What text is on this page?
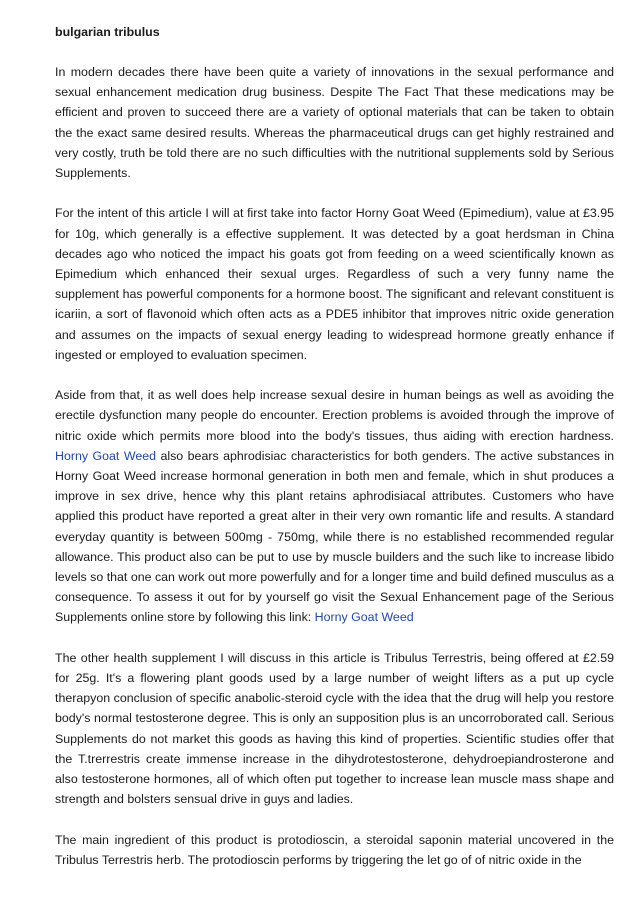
bulgarian tribulus

In modern decades there have been quite a variety of innovations in the sexual performance and sexual enhancement medication drug business. Despite The Fact That these medications may be efficient and proven to succeed there are a variety of optional materials that can be taken to obtain the the exact same desired results. Whereas the pharmaceutical drugs can get highly restrained and very costly, truth be told there are no such difficulties with the nutritional supplements sold by Serious Supplements.

For the intent of this article I will at first take into factor Horny Goat Weed (Epimedium), value at £3.95 for 10g, which generally is a effective supplement. It was detected by a goat herdsman in China decades ago who noticed the impact his goats got from feeding on a weed scientifically known as Epimedium which enhanced their sexual urges. Regardless of such a very funny name the supplement has powerful components for a hormone boost. The significant and relevant constituent is icariin, a sort of flavonoid which often acts as a PDE5 inhibitor that improves nitric oxide generation and assumes on the impacts of sexual energy leading to widespread hormone greatly enhance if ingested or employed to evaluation specimen.

Aside from that, it as well does help increase sexual desire in human beings as well as avoiding the erectile dysfunction many people do encounter. Erection problems is avoided through the improve of nitric oxide which permits more blood into the body's tissues, thus aiding with erection hardness. Horny Goat Weed also bears aphrodisiac characteristics for both genders. The active substances in Horny Goat Weed increase hormonal generation in both men and female, which in shut produces a improve in sex drive, hence why this plant retains aphrodisiacal attributes. Customers who have applied this product have reported a great alter in their very own romantic life and results. A standard everyday quantity is between 500mg - 750mg, while there is no established recommended regular allowance. This product also can be put to use by muscle builders and the such like to increase libido levels so that one can work out more powerfully and for a longer time and build defined musculus as a consequence. To assess it out for by yourself go visit the Sexual Enhancement page of the Serious Supplements online store by following this link: Horny Goat Weed

The other health supplement I will discuss in this article is Tribulus Terrestris, being offered at £2.59 for 25g. It's a flowering plant goods used by a large number of weight lifters as a put up cycle therapyon conclusion of specific anabolic-steroid cycle with the idea that the drug will help you restore body's normal testosterone degree. This is only an supposition plus is an uncorroborated call. Serious Supplements do not market this goods as having this kind of properties. Scientific studies offer that the T.trerrestris create immense increase in the dihydrotestosterone, dehydroepiandrosterone and also testosterone hormones, all of which often put together to increase lean muscle mass shape and strength and bolsters sensual drive in guys and ladies.

The main ingredient of this product is protodioscin, a steroidal saponin material uncovered in the Tribulus Terrestris herb. The protodioscin performs by triggering the let go of of nitric oxide in the
